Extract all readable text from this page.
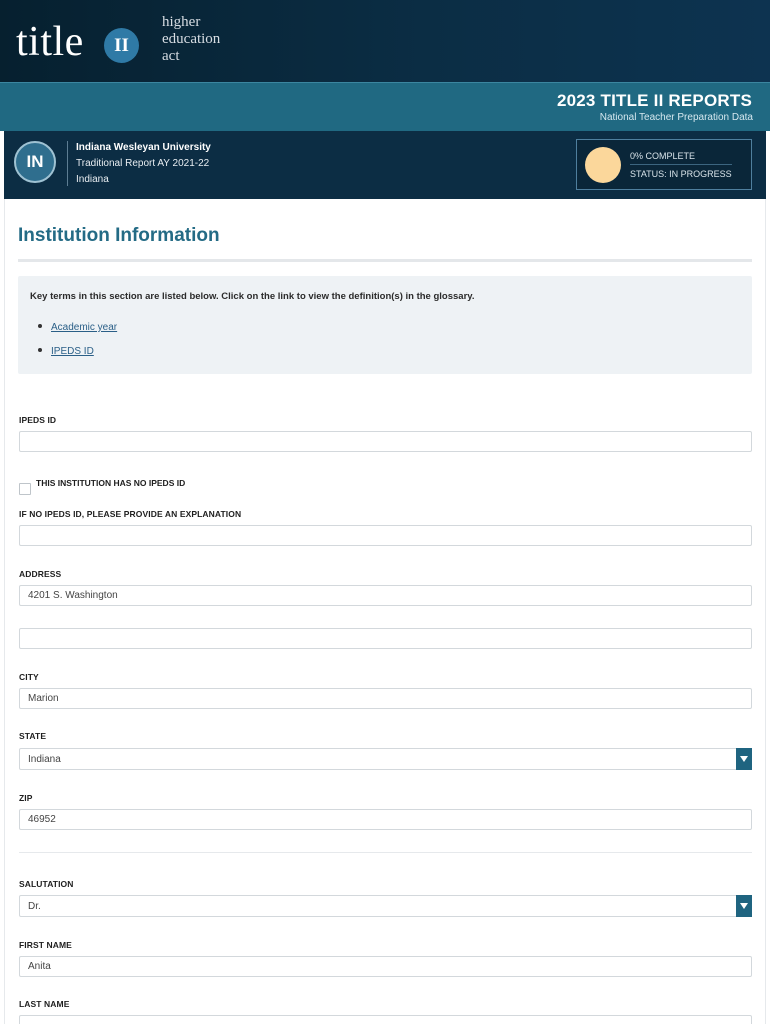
title	II
higher
education
act
2023 TITLE II REPORTS
National Teacher Preparation Data
IN
Indiana Wesleyan University
Traditional Report AY 2021-22
Indiana
0% COMPLETE
STATUS: IN PROGRESS
Institution Information
Key terms in this section are listed below. Click on the link to view the definition(s) in the glossary.
Academic year
IPEDS ID
IPEDS ID
THIS INSTITUTION HAS NO IPEDS ID
IF NO IPEDS ID, PLEASE PROVIDE AN EXPLANATION
ADDRESS
4201 S. Washington
CITY
Marion
STATE
Indiana
ZIP
46952
SALUTATION
Dr.
FIRST NAME
Anita
LAST NAME
